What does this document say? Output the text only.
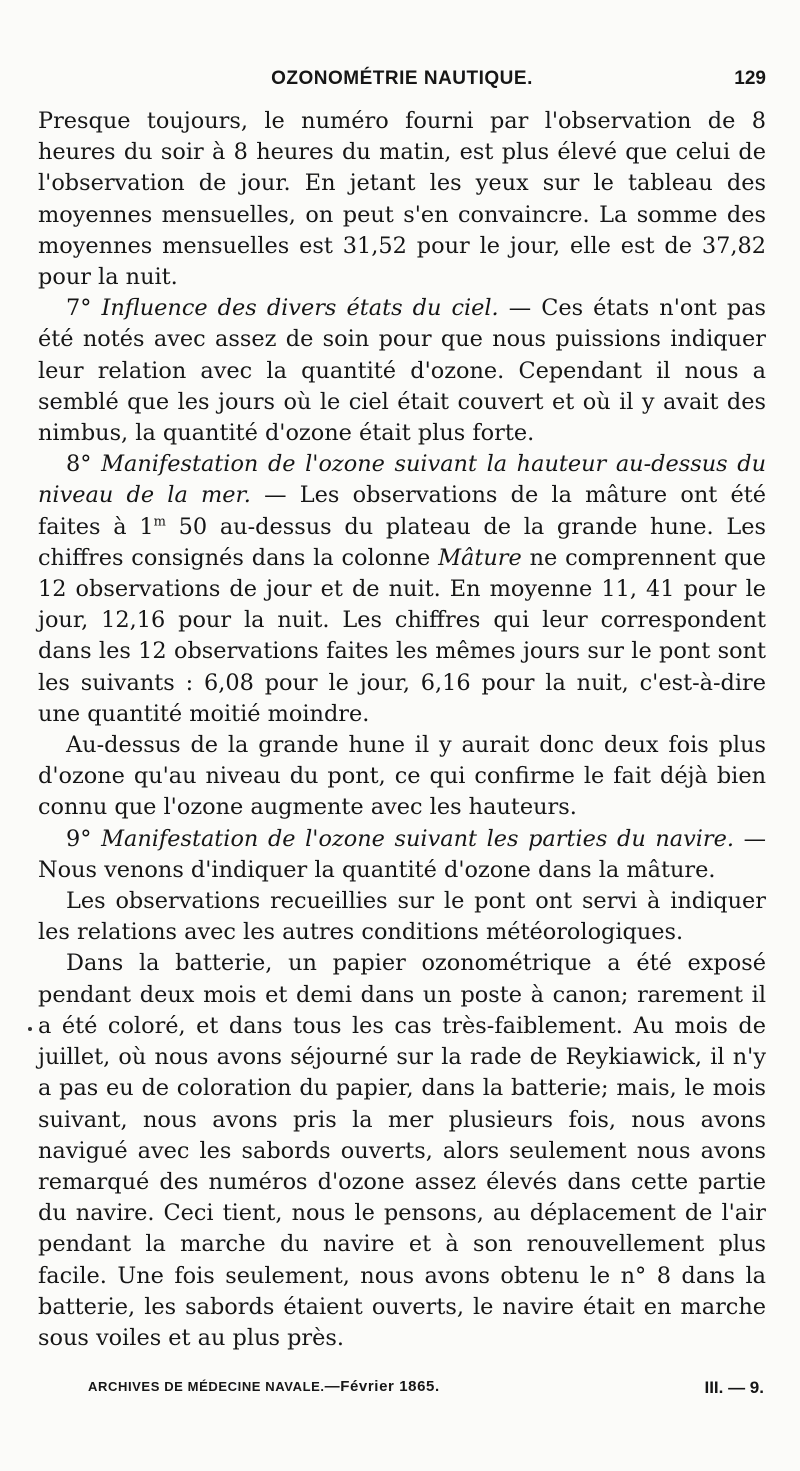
OZONOMÉTRIE NAUTIQUE.	129

Presque toujours, le numéro fourni par l'observation de 8 heures du soir à 8 heures du matin, est plus élevé que celui de l'observation de jour. En jetant les yeux sur le tableau des moyennes mensuelles, on peut s'en convaincre. La somme des moyennes mensuelles est 31,52 pour le jour, elle est de 37,82 pour la nuit.

7° Influence des divers états du ciel. — Ces états n'ont pas été notés avec assez de soin pour que nous puissions indiquer leur relation avec la quantité d'ozone. Cependant il nous a semblé que les jours où le ciel était couvert et où il y avait des nimbus, la quantité d'ozone était plus forte.

8° Manifestation de l'ozone suivant la hauteur au-dessus du niveau de la mer. — Les observations de la mâture ont été faites à 1$^m$ 50 au-dessus du plateau de la grande hune. Les chiffres consignés dans la colonne Mâture ne comprennent que 12 observations de jour et de nuit. En moyenne 11, 41 pour le jour, 12,16 pour la nuit. Les chiffres qui leur correspondent dans les 12 observations faites les mêmes jours sur le pont sont les suivants : 6,08 pour le jour, 6,16 pour la nuit, c'est-à-dire une quantité moitié moindre.

Au-dessus de la grande hune il y aurait donc deux fois plus d'ozone qu'au niveau du pont, ce qui confirme le fait déjà bien connu que l'ozone augmente avec les hauteurs.

9° Manifestation de l'ozone suivant les parties du navire. — Nous venons d'indiquer la quantité d'ozone dans la mâture.

Les observations recueillies sur le pont ont servi à indiquer les relations avec les autres conditions météorologiques.

Dans la batterie, un papier ozonométrique a été exposé pendant deux mois et demi dans un poste à canon; rarement il a été coloré, et dans tous les cas très-faiblement. Au mois de juillet, où nous avons séjourné sur la rade de Reykiawick, il n'y a pas eu de coloration du papier, dans la batterie; mais, le mois suivant, nous avons pris la mer plusieurs fois, nous avons navigué avec les sabords ouverts, alors seulement nous avons remarqué des numéros d'ozone assez élevés dans cette partie du navire. Ceci tient, nous le pensons, au déplacement de l'air pendant la marche du navire et à son renouvellement plus facile. Une fois seulement, nous avons obtenu le n° 8 dans la batterie, les sabords étaient ouverts, le navire était en marche sous voiles et au plus près.

ARCHIVES DE MÉDECINE NAVALE.—Février 1865.	III. — 9.
